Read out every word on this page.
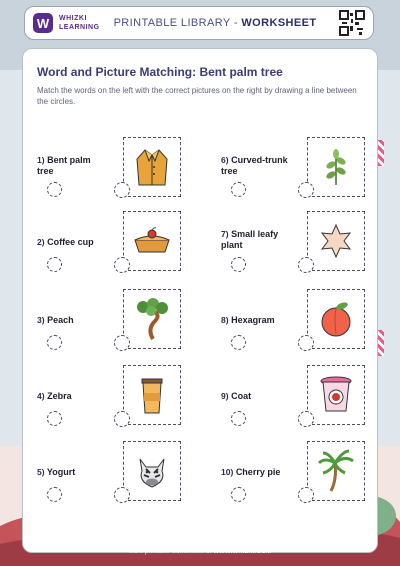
W	WHIZKI
LEARNING PRINTABLE LIBRARY - WORKSHEET
Word and Picture Matching: Bent palm tree
Match the words on the left with the correct pictures on the right by drawing a line between the circles.
1) Bent palm tree
6) Curved-trunk tree
2) Coffee cup
7) Small leafy plant
3) Peach	8) Hexagram
4) Zebra	9) Coat
5) Yogurt	10) Cherry pie
More printable worksheets at WWW.WHIZKI.COM
